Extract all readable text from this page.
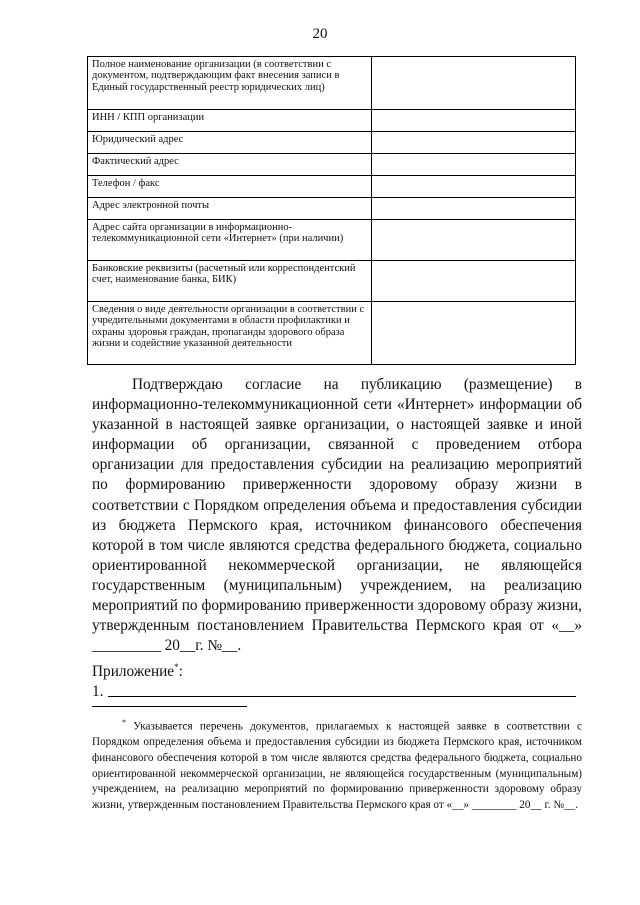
20
Полное наименование организации (в соответствии с документом, подтверждающим факт внесения записи в Единый государственный реестр юридических лиц)	
ИНН / КПП организации	
Юридический адрес	
Фактический адрес	
Телефон / факс	
Адрес электронной почты	
Адрес сайта организации в информационно-телекоммуникационной сети «Интернет» (при наличии)	
Банковские реквизиты (расчетный или корреспондентский счет, наименование банка, БИК)	
Сведения о виде деятельности организации в соответствии с учредительными документами в области профилактики и охраны здоровья граждан, пропаганды здорового образа жизни и содействие указанной деятельности	

Подтверждаю согласие на публикацию (размещение) в информационно-телекоммуникационной сети «Интернет» информации об указанной в настоящей заявке организации, о настоящей заявке и иной информации об организации, связанной с проведением отбора организации для предоставления субсидии на реализацию мероприятий по формированию приверженности здоровому образу жизни в соответствии с Порядком определения объема и предоставления субсидии из бюджета Пермского края, источником финансового обеспечения которой в том числе являются средства федерального бюджета, социально ориентированной некоммерческой организации, не являющейся государственным (муниципальным) учреждением, на реализацию мероприятий по формированию приверженности здоровому образу жизни, утвержденным постановлением Правительства Пермского края от «__» _________ 20__г. №__.

Приложение*:
1.

* Указывается перечень документов, прилагаемых к настоящей заявке в соответствии с Порядком определения объема и предоставления субсидии из бюджета Пермского края, источником финансового обеспечения которой в том числе являются средства федерального бюджета, социально ориентированной некоммерческой организации, не являющейся государственным (муниципальным) учреждением, на реализацию мероприятий по формированию приверженности здоровому образу жизни, утвержденным постановлением Правительства Пермского края от «__» ________ 20__ г. №__.
